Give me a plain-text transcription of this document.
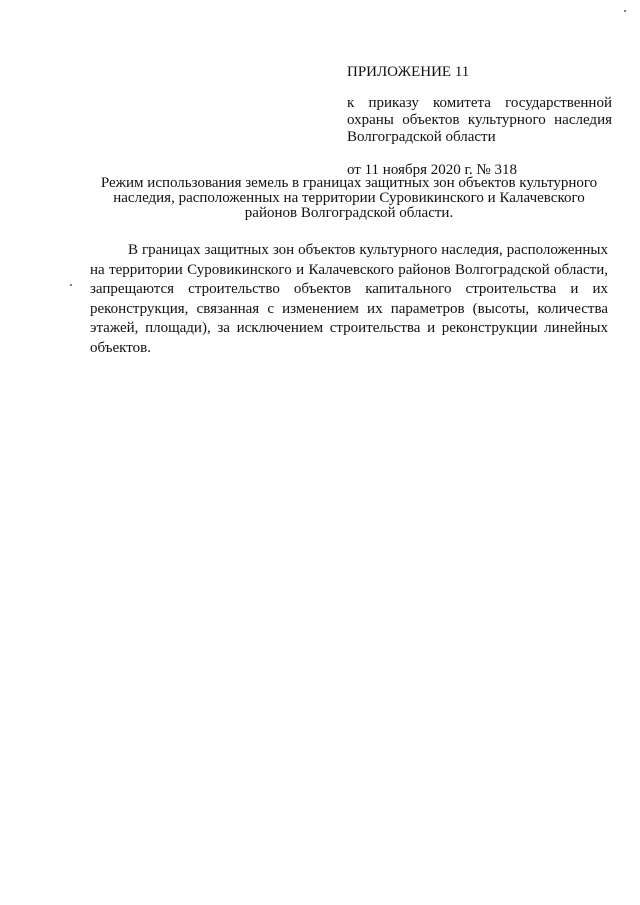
ПРИЛОЖЕНИЕ 11

к приказу комитета государственной охраны объектов культурного наследия Волгоградской области

от 11 ноября 2020 г. № 318

Режим использования земель в границах защитных зон объектов культурного наследия, расположенных на территории Суровикинского и Калачевского районов Волгоградской области.

В границах защитных зон объектов культурного наследия, расположенных на территории Суровикинского и Калачевского районов Волгоградской области, запрещаются строительство объектов капитального строительства и их реконструкция, связанная с изменением их параметров (высоты, количества этажей, площади), за исключением строительства и реконструкции линейных объектов.
